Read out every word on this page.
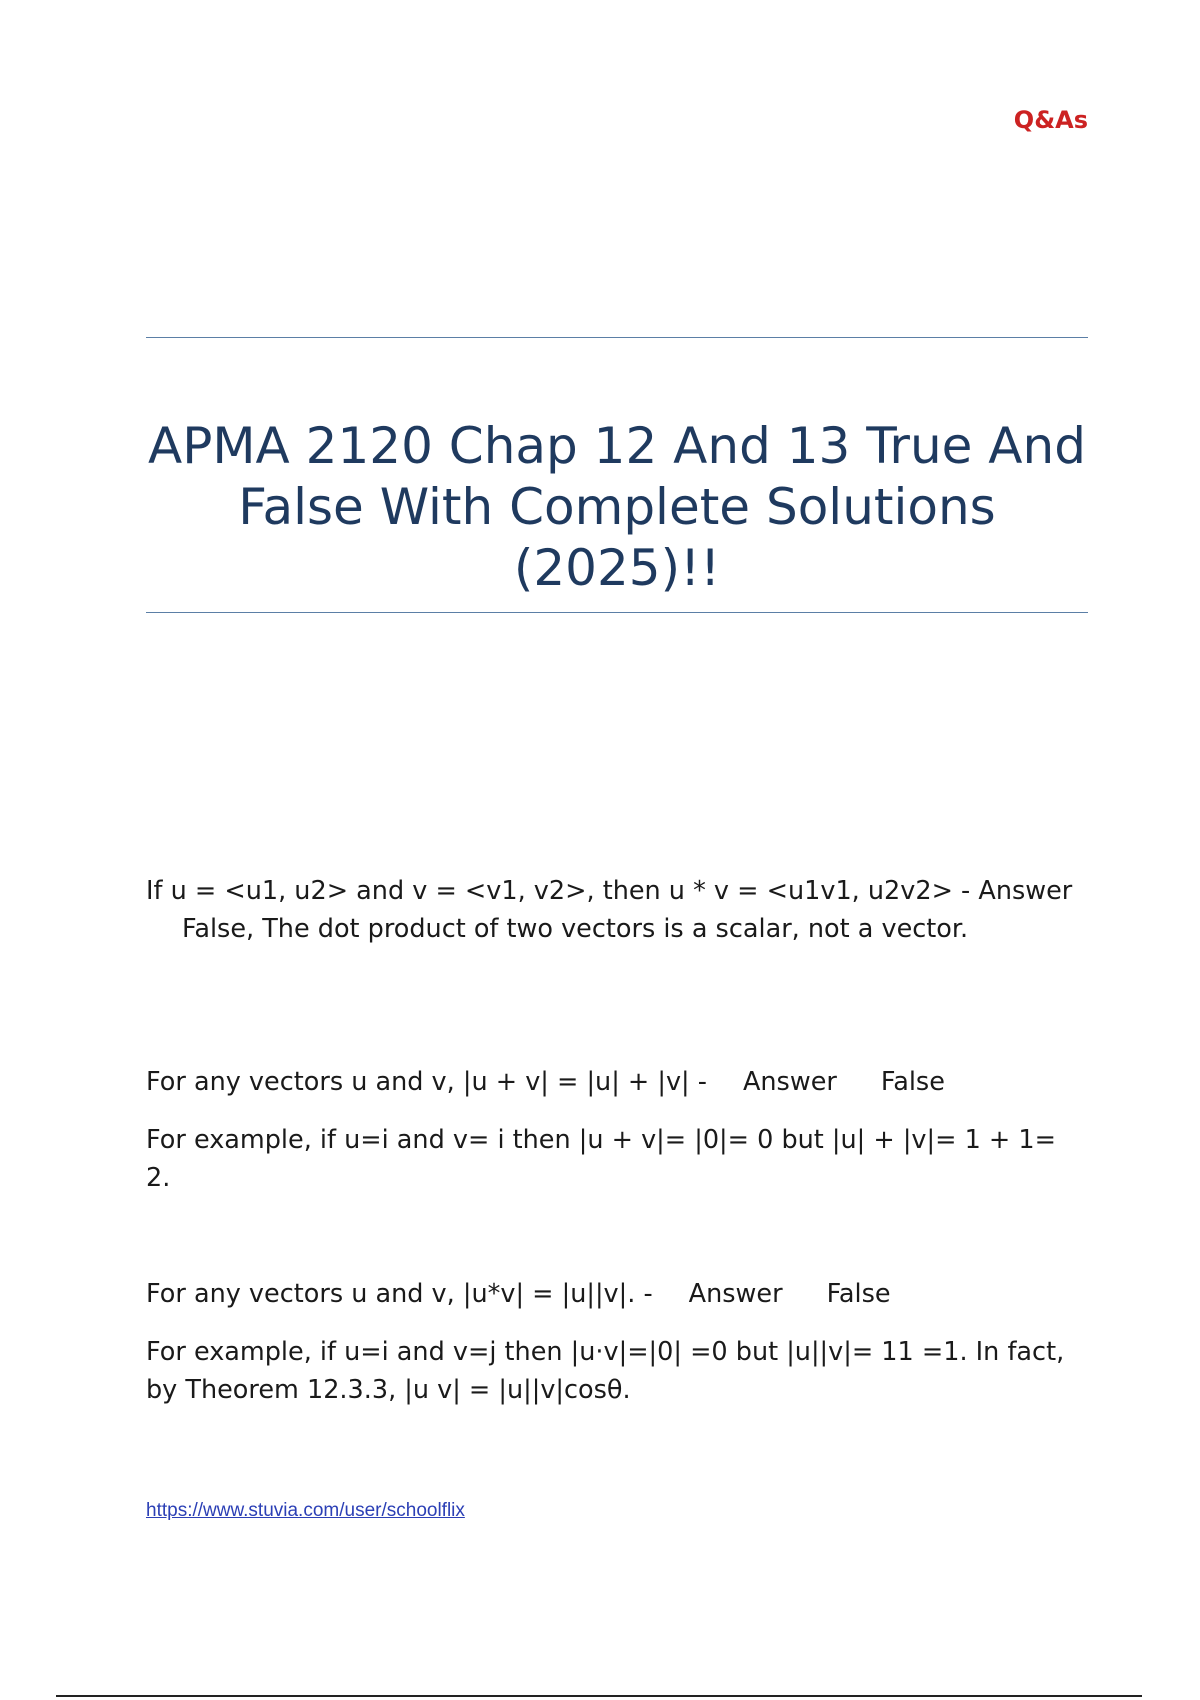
Q&As
APMA 2120 Chap 12 And 13 True And False With Complete Solutions (2025)!!

If u = <u1, u2> and v = <v1, v2>, then u * v = <u1v1, u2v2> - AnswerFalse, The dot product of two vectors is a scalar, not a vector.

For any vectors u and v, |u + v| = |u| + |v| - Answer False

For example, if u=i and v= i then |u + v|= |0|= 0 but |u| + |v|= 1 + 1= 2.

For any vectors u and v, |u*v| = |u||v|. - Answer False

For example, if u=i and v=j then |u·v|=|0| =0 but |u||v|= 11 =1. In fact, by Theorem 12.3.3, |u v| = |u||v|cosθ.

https://www.stuvia.com/user/schoolflix
